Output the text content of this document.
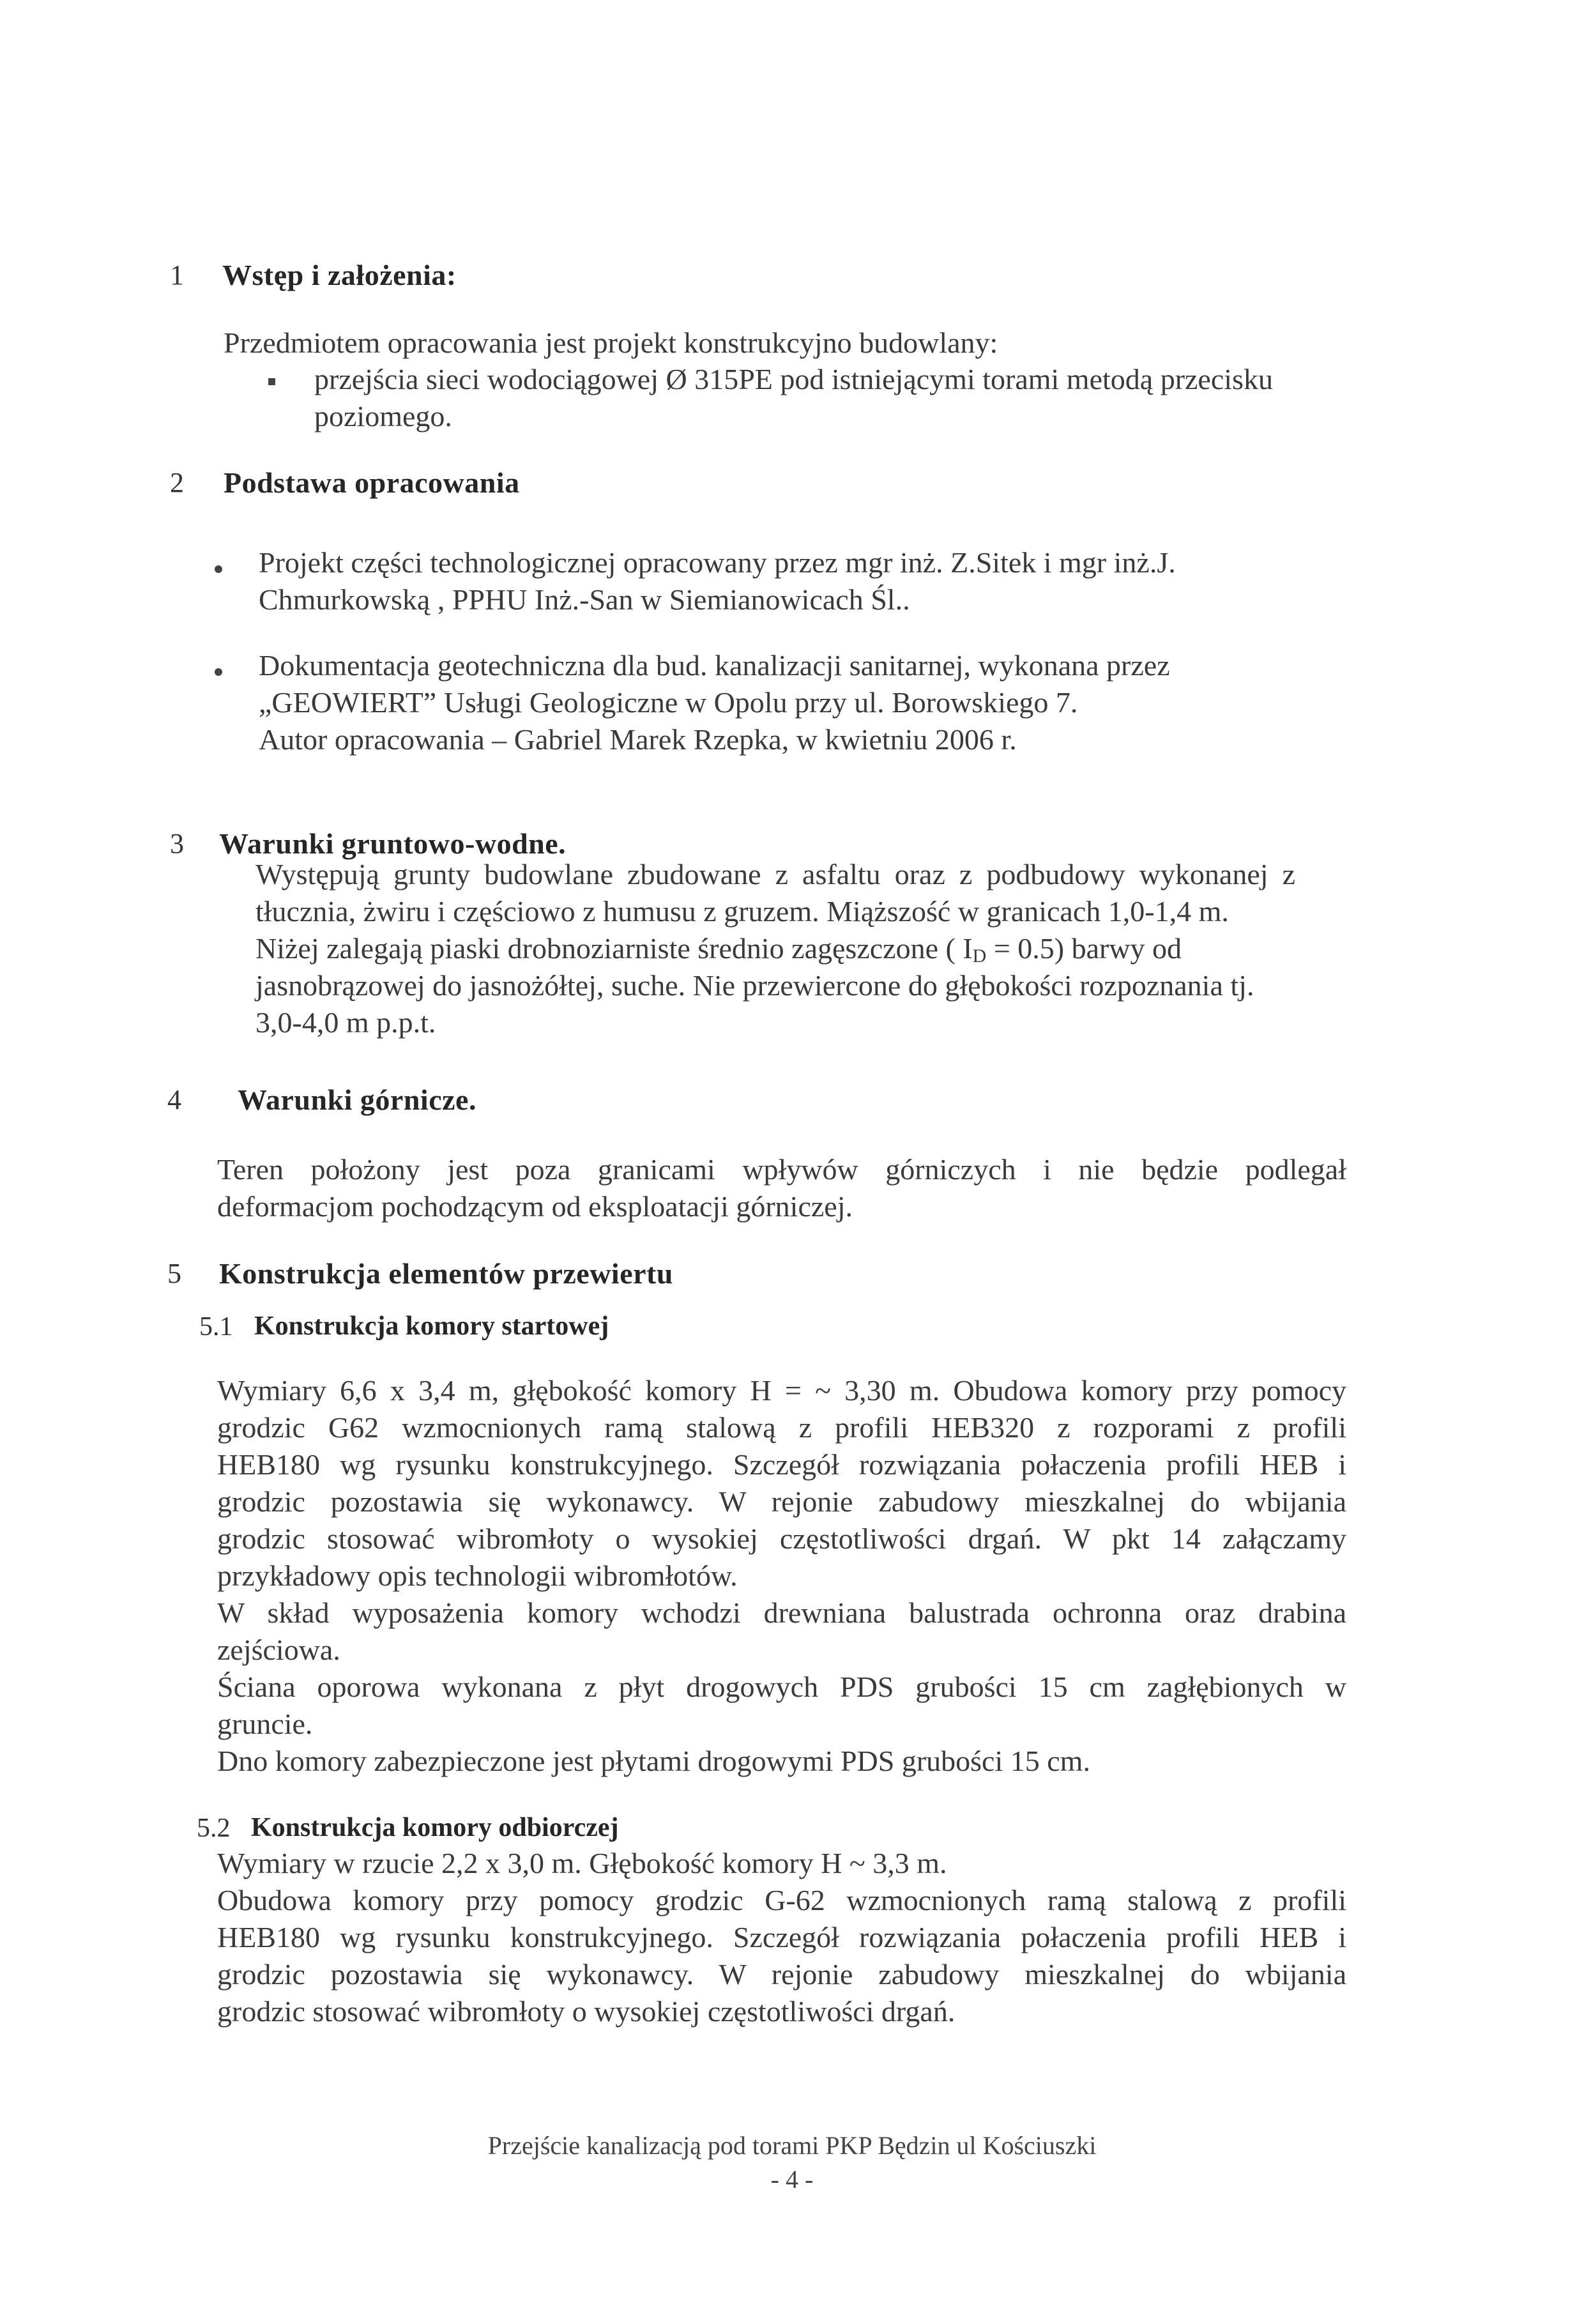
1 Wstęp i założenia:
Przedmiotem opracowania jest projekt konstrukcyjno budowlany:
przejścia sieci wodociągowej Ø 315PE pod istniejącymi torami metodą przecisku
poziomego.
2 Podstawa opracowania
Projekt części technologicznej opracowany przez mgr inż. Z.Sitek i mgr inż.J.
Chmurkowską , PPHU Inż.-San w Siemianowicach Śl..
Dokumentacja geotechniczna dla bud. kanalizacji sanitarnej, wykonana przez
„GEOWIERT” Usługi Geologiczne w Opolu przy ul. Borowskiego 7.
Autor opracowania – Gabriel Marek Rzepka, w kwietniu 2006 r.
3 Warunki gruntowo-wodne.
Występują grunty budowlane zbudowane z asfaltu oraz z podbudowy wykonanej z
tłucznia, żwiru i częściowo z humusu z gruzem. Miąższość w granicach 1,0-1,4 m.
Niżej zalegają piaski drobnoziarniste średnio zagęszczone ( ID = 0.5) barwy od
jasnobrązowej do jasnożółtej, suche. Nie przewiercone do głębokości rozpoznania tj.
3,0-4,0 m p.p.t.
4 Warunki górnicze.
Teren położony jest poza granicami wpływów górniczych i nie będzie podlegał
deformacjom pochodzącym od eksploatacji górniczej.
5 Konstrukcja elementów przewiertu
5.1 Konstrukcja komory startowej
Wymiary 6,6 x 3,4 m, głębokość komory H = ~ 3,30 m. Obudowa komory przy pomocy
grodzic G62 wzmocnionych ramą stalową z profili HEB320 z rozporami z profili
HEB180 wg rysunku konstrukcyjnego. Szczegół rozwiązania połaczenia profili HEB i
grodzic pozostawia się wykonawcy. W rejonie zabudowy mieszkalnej do wbijania
grodzic stosować wibromłoty o wysokiej częstotliwości drgań. W pkt 14 załączamy
przykładowy opis technologii wibromłotów.
W skład wyposażenia komory wchodzi drewniana balustrada ochronna oraz drabina
zejściowa.
Ściana oporowa wykonana z płyt drogowych PDS grubości 15 cm zagłębionych w
gruncie.
Dno komory zabezpieczone jest płytami drogowymi PDS grubości 15 cm.
5.2 Konstrukcja komory odbiorczej
Wymiary w rzucie 2,2 x 3,0 m. Głębokość komory H ~ 3,3 m.
Obudowa komory przy pomocy grodzic G-62 wzmocnionych ramą stalową z profili
HEB180 wg rysunku konstrukcyjnego. Szczegół rozwiązania połaczenia profili HEB i
grodzic pozostawia się wykonawcy. W rejonie zabudowy mieszkalnej do wbijania
grodzic stosować wibromłoty o wysokiej częstotliwości drgań.
Przejście kanalizacją pod torami PKP Będzin ul Kościuszki
- 4 -
